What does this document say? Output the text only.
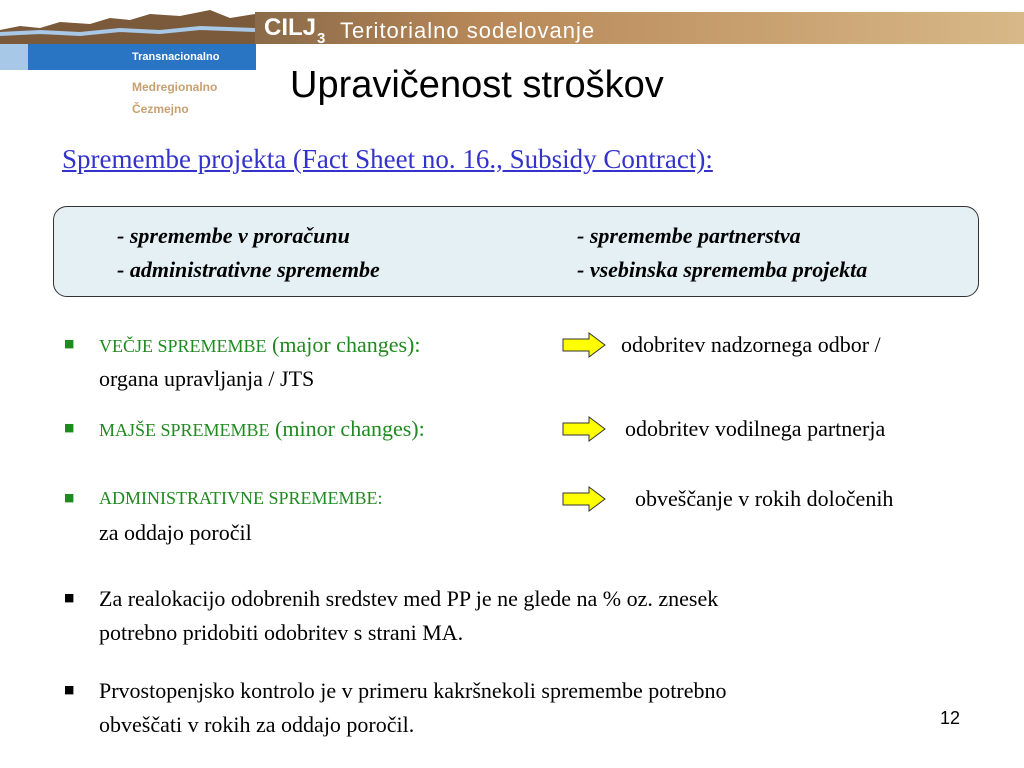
$CILJ_3$ Teritorialno sodelovanje
Transnacionalno
Medregionalno
Čezmejno
Upravičenost stroškov
Spremembe projekta (Fact Sheet no. 16., Subsidy Contract):
- spremembe v proračunu	- spremembe partnerstva
- administrativne spremembe	- vsebinska sprememba projekta
■ VEČJE SPREMEMBE (major changes):	odobritev nadzornega odbor /
organa upravljanja / JTS
■ MAJŠE SPREMEMBE (minor changes):	odobritev vodilnega partnerja
■ ADMINISTRATIVNE SPREMEMBE:	obveščanje v rokih določenih
za oddajo poročil
■ Za realokacijo odobrenih sredstev med PP je ne glede na % oz. znesek
potrebno pridobiti odobritev s strani MA.
■ Prvostopenjsko kontrolo je v primeru kakršnekoli spremembe potrebno
obveščati v rokih za oddajo poročil.	12
